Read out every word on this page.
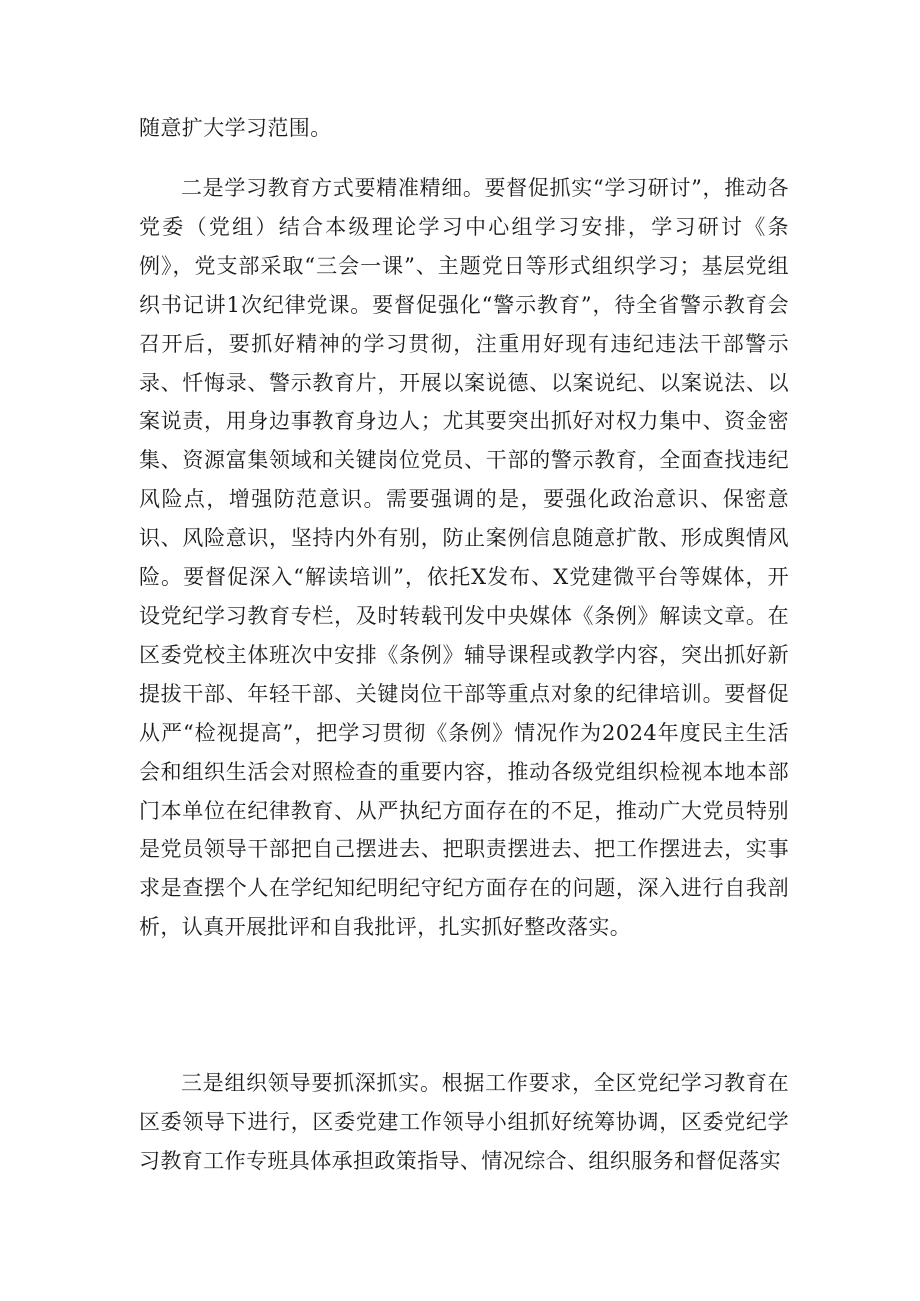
随意扩大学习范围。

二是学习教育方式要精准精细。要督促抓实“学习研讨”，推动各党委（党组）结合本级理论学习中心组学习安排，学习研讨《条例》，党支部采取“三会一课”、主题党日等形式组织学习；基层党组织书记讲1次纪律党课。要督促强化“警示教育”，待全省警示教育会召开后，要抓好精神的学习贯彻，注重用好现有违纪违法干部警示录、忏悔录、警示教育片，开展以案说德、以案说纪、以案说法、以案说责，用身边事教育身边人；尤其要突出抓好对权力集中、资金密集、资源富集领域和关键岗位党员、干部的警示教育，全面查找违纪风险点，增强防范意识。需要强调的是，要强化政治意识、保密意识、风险意识，坚持内外有别，防止案例信息随意扩散、形成舆情风险。要督促深入“解读培训”，依托X发布、X党建微平台等媒体，开设党纪学习教育专栏，及时转载刊发中央媒体《条例》解读文章。在区委党校主体班次中安排《条例》辅导课程或教学内容，突出抓好新提拔干部、年轻干部、关键岗位干部等重点对象的纪律培训。要督促从严“检视提高”，把学习贯彻《条例》情况作为2024年度民主生活会和组织生活会对照检查的重要内容，推动各级党组织检视本地本部门本单位在纪律教育、从严执纪方面存在的不足，推动广大党员特别是党员领导干部把自己摆进去、把职责摆进去、把工作摆进去，实事求是查摆个人在学纪知纪明纪守纪方面存在的问题，深入进行自我剖析，认真开展批评和自我批评，扎实抓好整改落实。

三是组织领导要抓深抓实。根据工作要求，全区党纪学习教育在区委领导下进行，区委党建工作领导小组抓好统筹协调，区委党纪学习教育工作专班具体承担政策指导、情况综合、组织服务和督促落实
